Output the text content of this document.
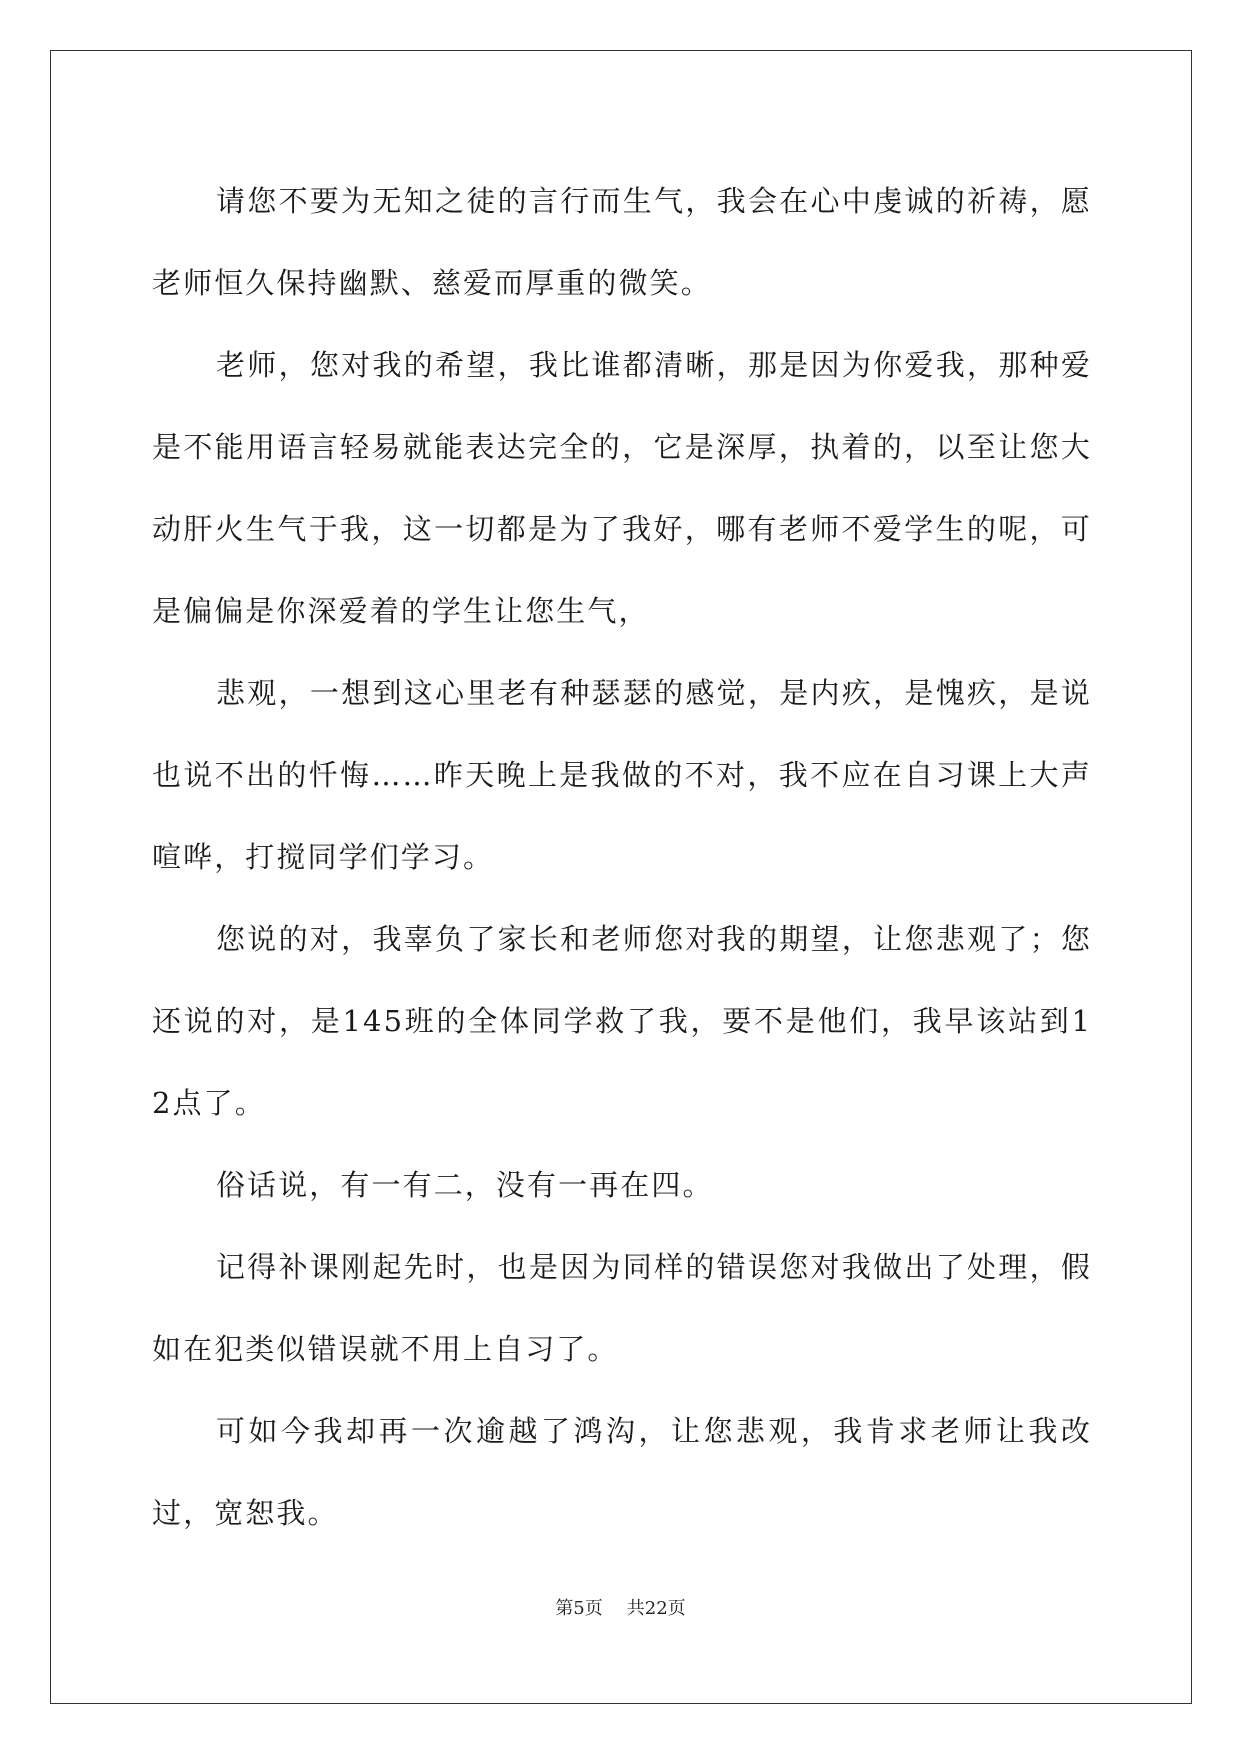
请您不要为无知之徒的言行而生气，我会在心中虔诚的祈祷，愿老师恒久保持幽默、慈爱而厚重的微笑。

老师，您对我的希望，我比谁都清晰，那是因为你爱我，那种爱是不能用语言轻易就能表达完全的，它是深厚，执着的，以至让您大动肝火生气于我，这一切都是为了我好，哪有老师不爱学生的呢，可是偏偏是你深爱着的学生让您生气，

悲观，一想到这心里老有种瑟瑟的感觉，是内疚，是愧疚，是说也说不出的忏悔……昨天晚上是我做的不对，我不应在自习课上大声喧哗，打搅同学们学习。

您说的对，我辜负了家长和老师您对我的期望，让您悲观了；您还说的对，是145班的全体同学救了我，要不是他们，我早该站到12点了。

俗话说，有一有二，没有一再在四。

记得补课刚起先时，也是因为同样的错误您对我做出了处理，假如在犯类似错误就不用上自习了。

可如今我却再一次逾越了鸿沟，让您悲观，我肯求老师让我改过，宽恕我。

第5页 共22页
